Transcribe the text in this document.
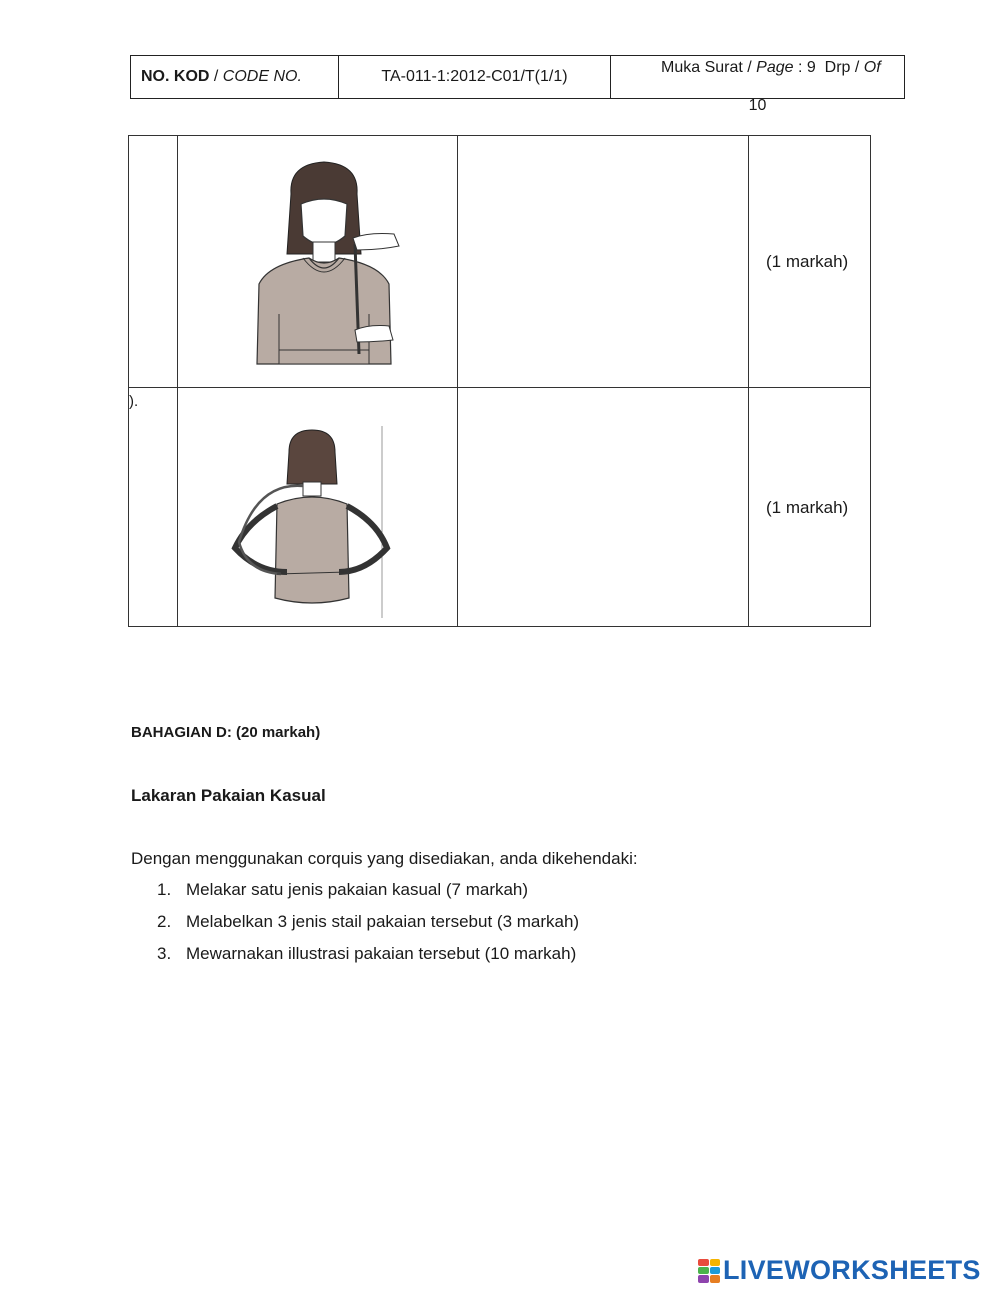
NO. KOD / CODE NO.	TA-011-1:2012-C01/T(1/1)

Muka Surat / Page : 9  Drp / Of

10
).
(1 markah)
(1 markah)
BAHAGIAN D: (20 markah)
Lakaran Pakaian Kasual
Dengan menggunakan corquis yang disediakan, anda dikehendaki:
1. Melakar satu jenis pakaian kasual (7 markah)
2. Melabelkan 3 jenis stail pakaian tersebut (3 markah)
3. Mewarnakan illustrasi pakaian tersebut (10 markah)
LIVEWORKSHEETS
